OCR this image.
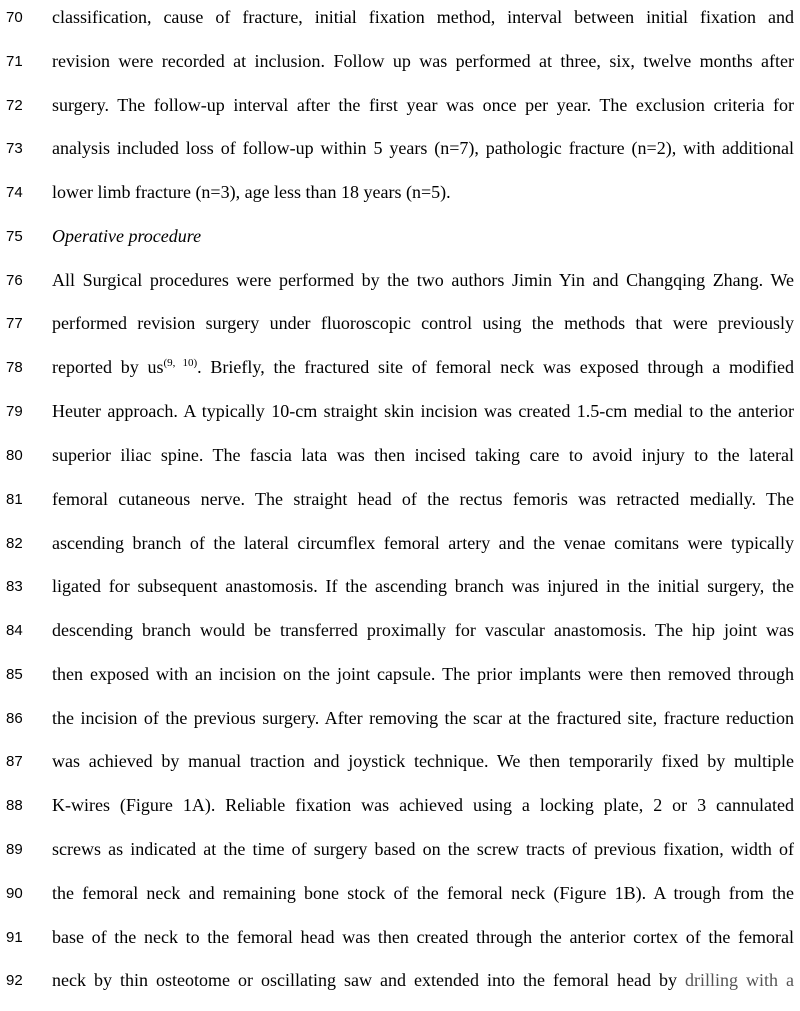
70	classification, cause of fracture, initial fixation method, interval between initial fixation and
71	revision were recorded at inclusion. Follow up was performed at three, six, twelve months after
72	surgery. The follow-up interval after the first year was once per year. The exclusion criteria for
73	analysis included loss of follow-up within 5 years (n=7), pathologic fracture (n=2), with additional
74	lower limb fracture (n=3), age less than 18 years (n=5).
75	Operative procedure
76	All Surgical procedures were performed by the two authors Jimin Yin and Changqing Zhang. We
77	performed revision surgery under fluoroscopic control using the methods that were previously
78	reported by us$^{(9, 10)}$. Briefly, the fractured site of femoral neck was exposed through a modified
79	Heuter approach. A typically 10-cm straight skin incision was created 1.5-cm medial to the anterior
80	superior iliac spine. The fascia lata was then incised taking care to avoid injury to the lateral
81	femoral cutaneous nerve. The straight head of the rectus femoris was retracted medially. The
82	ascending branch of the lateral circumflex femoral artery and the venae comitans were typically
83	ligated for subsequent anastomosis. If the ascending branch was injured in the initial surgery, the
84	descending branch would be transferred proximally for vascular anastomosis. The hip joint was
85	then exposed with an incision on the joint capsule. The prior implants were then removed through
86	the incision of the previous surgery. After removing the scar at the fractured site, fracture reduction
87	was achieved by manual traction and joystick technique. We then temporarily fixed by multiple
88	K-wires (Figure 1A). Reliable fixation was achieved using a locking plate, 2 or 3 cannulated
89	screws as indicated at the time of surgery based on the screw tracts of previous fixation, width of
90	the femoral neck and remaining bone stock of the femoral neck (Figure 1B). A trough from the
91	base of the neck to the femoral head was then created through the anterior cortex of the femoral
92	neck by thin osteotome or oscillating saw and extended into the femoral head by drilling with a
